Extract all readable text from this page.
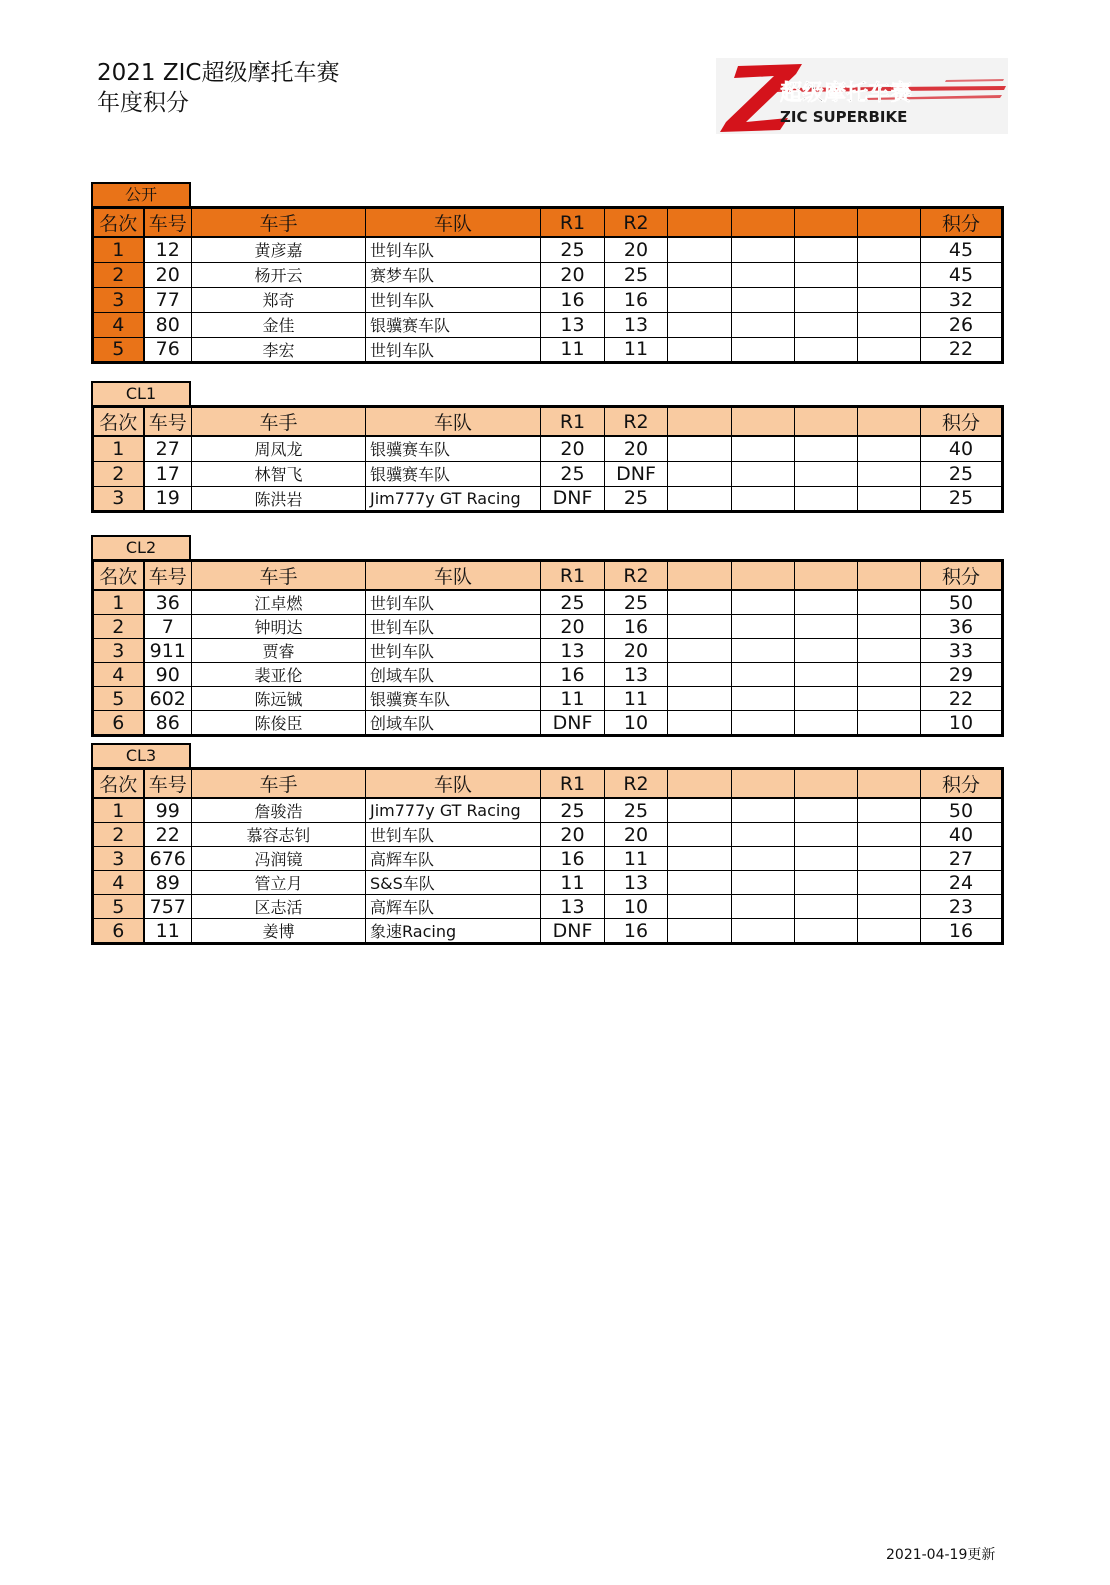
2021 ZIC超级摩托车赛
年度积分	超级摩托车赛
ZIC SUPERBIKE
公开
名次	车号	车手	车队	R1	R2					积分
1	12	黄彦嘉	世钊车队	25	20					45
2	20	杨开云	赛梦车队	20	25					45
3	77	郑奇	世钊车队	16	16					32
4	80	金佳	银骥赛车队	13	13					26
5	76	李宏	世钊车队	11	11					22
CL1
名次	车号	车手	车队	R1	R2					积分
1	27	周凤龙	银骥赛车队	20	20					40
2	17	林智飞	银骥赛车队	25	DNF					25
3	19	陈洪岩	Jim777y GT Racing	DNF	25					25
CL2
名次	车号	车手	车队	R1	R2					积分
1	36	江卓燃	世钊车队	25	25					50
2	7	钟明达	世钊车队	20	16					36
3	911	贾睿	世钊车队	13	20					33
4	90	裴亚伦	创域车队	16	13					29
5	602	陈远铖	银骥赛车队	11	11					22
6	86	陈俊臣	创域车队	DNF	10					10
CL3
名次	车号	车手	车队	R1	R2					积分
1	99	詹骏浩	Jim777y GT Racing	25	25					50
2	22	慕容志钊	世钊车队	20	20					40
3	676	冯润镜	高辉车队	16	11					27
4	89	管立月	S&S车队	11	13					24
5	757	区志活	高辉车队	13	10					23
6	11	姜博	象速Racing	DNF	16					16
2021-04-19更新
